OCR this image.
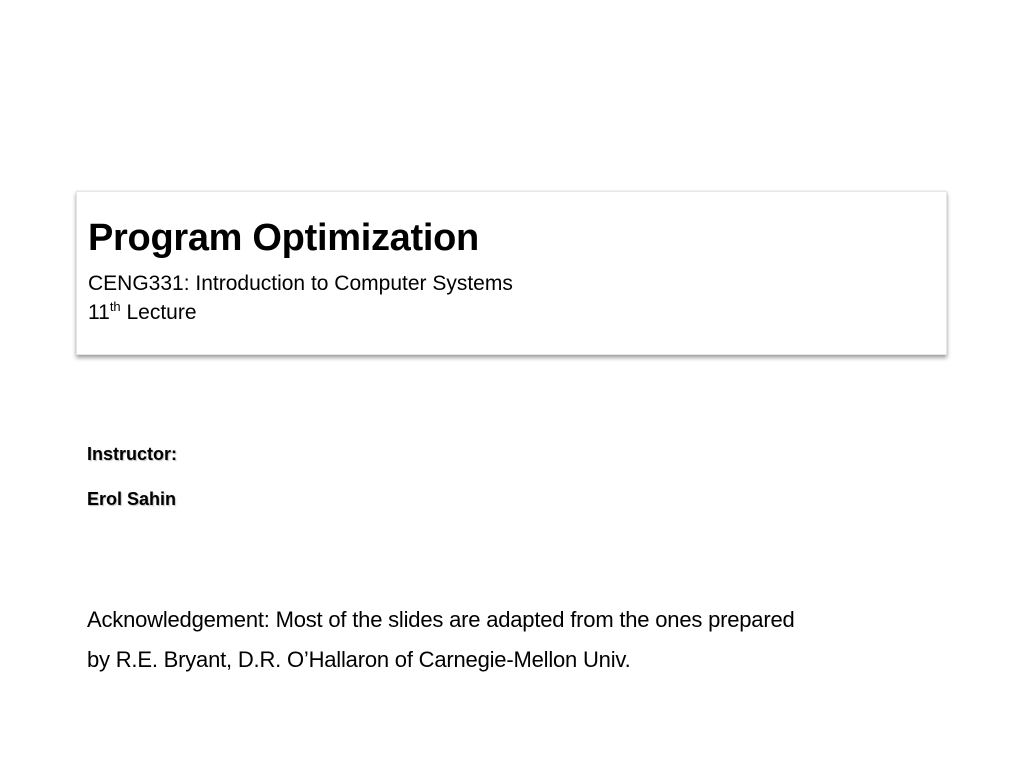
Program Optimization
CENG331: Introduction to Computer Systems
11th Lecture
Instructor:
Erol Sahin
Acknowledgement: Most of the slides are adapted from the ones prepared
by R.E. Bryant, D.R. O’Hallaron of Carnegie-Mellon Univ.
